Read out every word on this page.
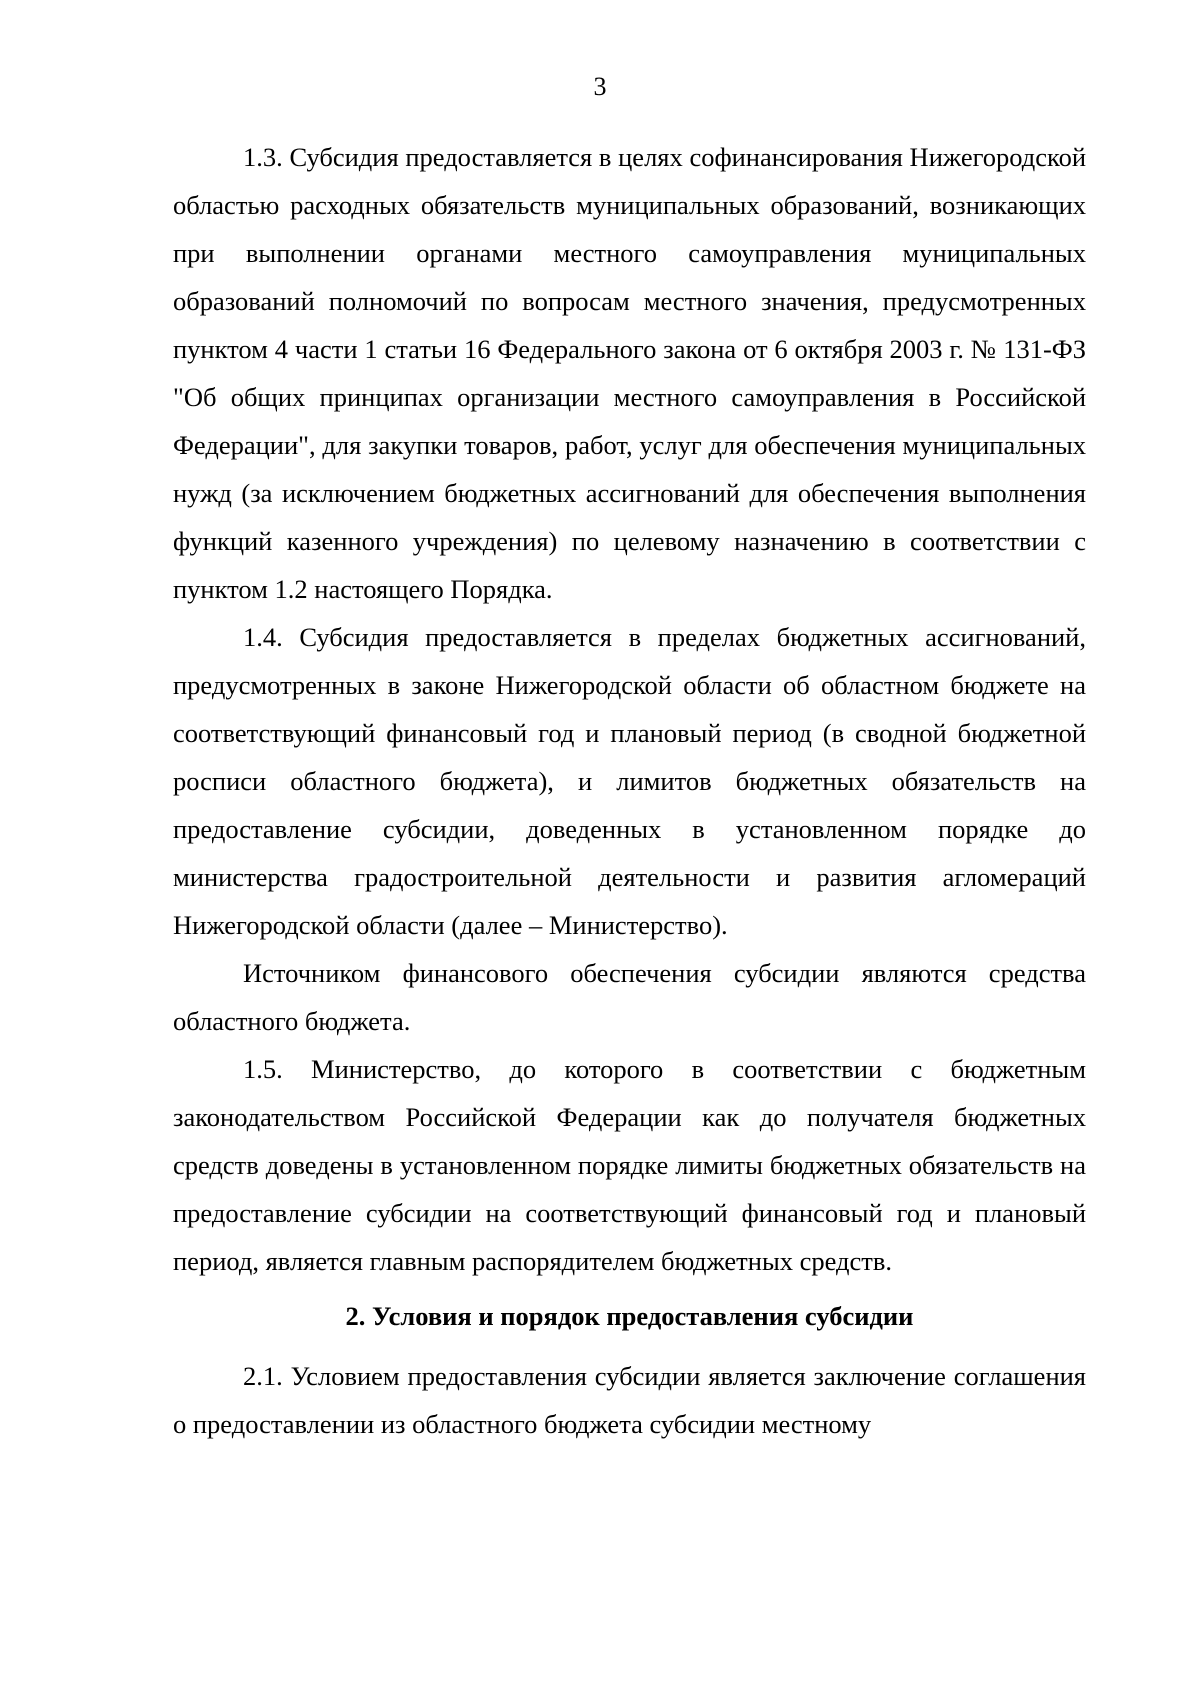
3

1.3. Субсидия предоставляется в целях софинансирования Нижегородской областью расходных обязательств муниципальных образований, возникающих при выполнении органами местного самоуправления муниципальных образований полномочий по вопросам местного значения, предусмотренных пунктом 4 части 1 статьи 16 Федерального закона от 6 октября 2003 г. № 131-ФЗ "Об общих принципах организации местного самоуправления в Российской Федерации", для закупки товаров, работ, услуг для обеспечения муниципальных нужд (за исключением бюджетных ассигнований для обеспечения выполнения функций казенного учреждения) по целевому назначению в соответствии с пунктом 1.2 настоящего Порядка.

1.4. Субсидия предоставляется в пределах бюджетных ассигнований, предусмотренных в законе Нижегородской области об областном бюджете на соответствующий финансовый год и плановый период (в сводной бюджетной росписи областного бюджета), и лимитов бюджетных обязательств на предоставление субсидии, доведенных в установленном порядке до министерства градостроительной деятельности и развития агломераций Нижегородской области (далее – Министерство).

Источником финансового обеспечения субсидии являются средства областного бюджета.

1.5. Министерство, до которого в соответствии с бюджетным законодательством Российской Федерации как до получателя бюджетных средств доведены в установленном порядке лимиты бюджетных обязательств на предоставление субсидии на соответствующий финансовый год и плановый период, является главным распорядителем бюджетных средств.

2. Условия и порядок предоставления субсидии

2.1. Условием предоставления субсидии является заключение соглашения о предоставлении из областного бюджета субсидии местному
